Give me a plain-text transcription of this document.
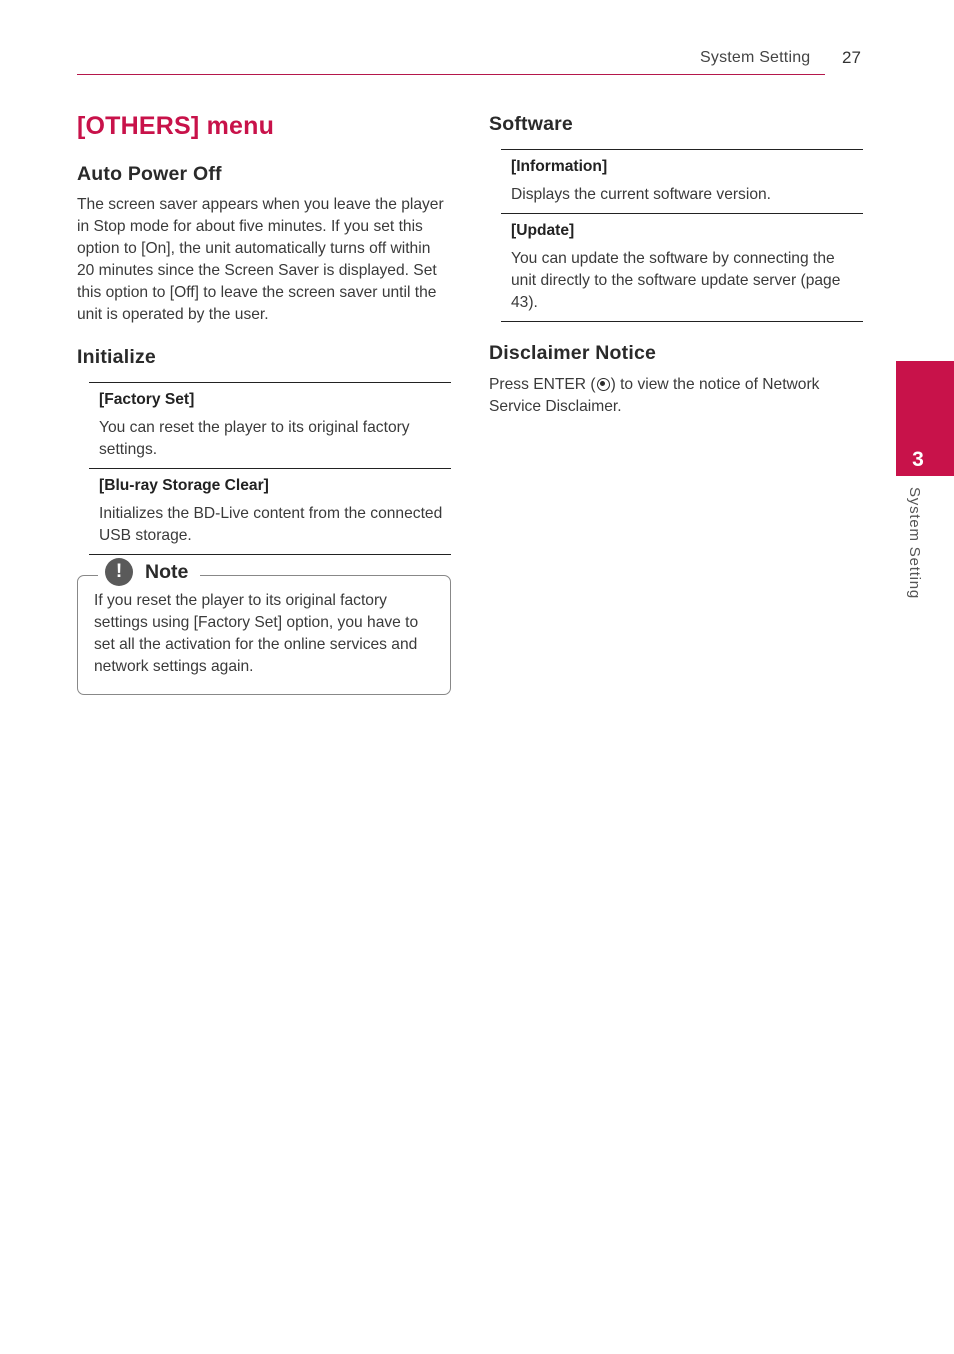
System Setting 27
[OTHERS] menu
Auto Power Off

The screen saver appears when you leave the player in Stop mode for about five minutes. If you set this option to [On], the unit automatically turns off within 20 minutes since the Screen Saver is displayed. Set this option to [Off] to leave the screen saver until the unit is operated by the user.

Initialize
[Factory Set]

You can reset the player to its original factory settings.

[Blu-ray Storage Clear]

Initializes the BD-Live content from the connected USB storage.

!	Note

If you reset the player to its original factory settings using [Factory Set] option, you have to set all the activation for the online services and network settings again.

Software
[Information]

Displays the current software version.

[Update]

You can update the software by connecting the unit directly to the software update server (page 43).

Disclaimer Notice

Press ENTER ( ) to view the notice of Network Service Disclaimer.

3
System Setting
